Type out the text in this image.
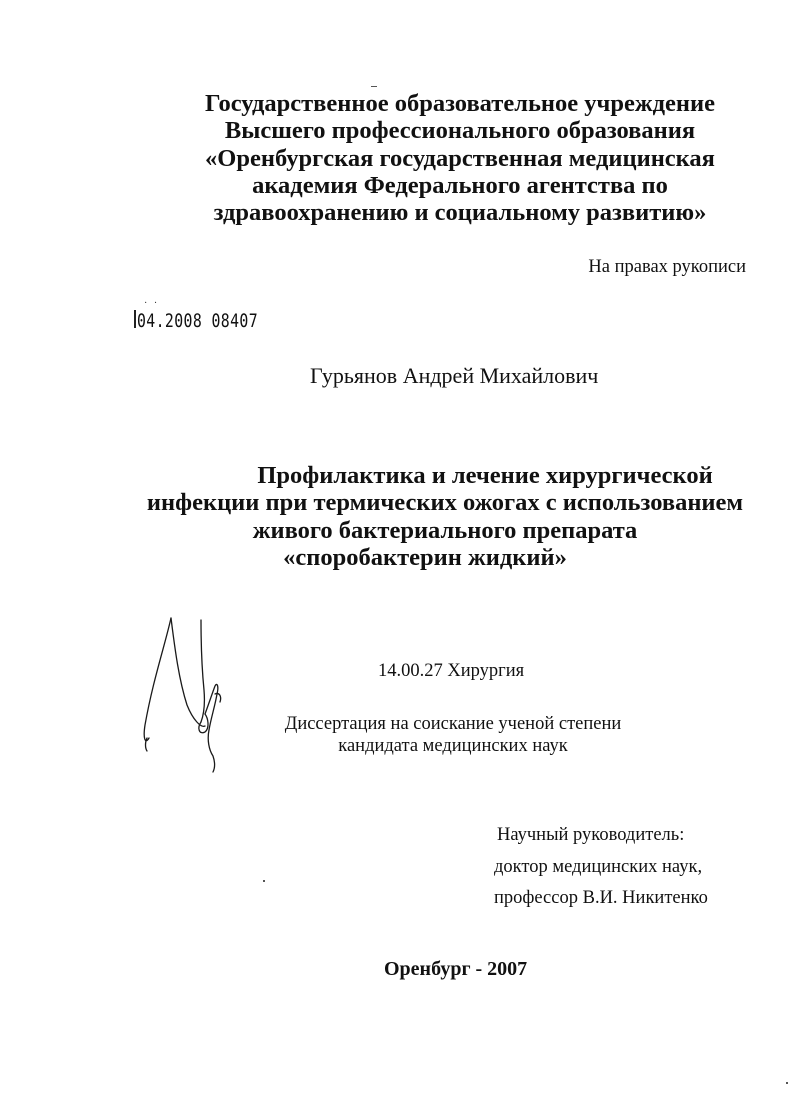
Государственное образовательное учреждение
Высшего профессионального образования
«Оренбургская государственная медицинская
академия Федерального агентства по
здравоохранению и социальному развитию»
На правах рукописи
· ·
04.2008 08407
Гурьянов Андрей Михайлович
Профилактика и лечение хирургической
инфекции при термических ожогах с использованием
живого бактериального препарата
«споробактерин жидкий»
14.00.27 Хирургия
Диссертация на соискание ученой степени
кандидата медицинских наук
Научный руководитель:
доктор медицинских наук,
профессор В.И. Никитенко
Оренбург - 2007
